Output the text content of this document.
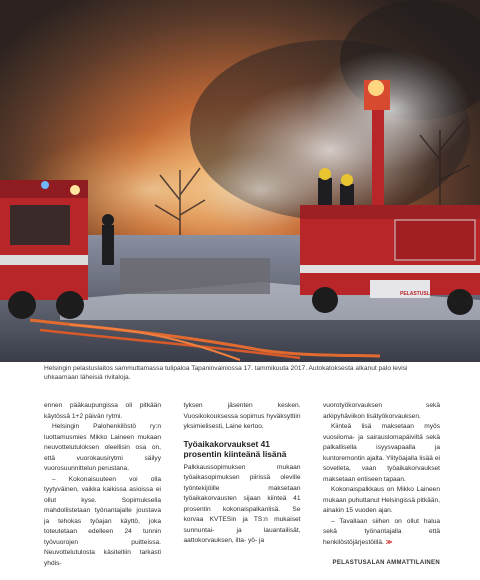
PELASTUSLAITOS
Helsingin pelastuslaitos sammuttamassa tulipaloa Tapaninvainiossa 17. tammikuuta 2017. Autokatoksesta alkanut palo levisi uhkaamaan läheisiä rivitaloja.

ennen pääkaupungissa oli pitkään käytössä 1+2 päivän rytmi.

Helsingin Palohenkilöstö ry:n luottamusmies Mikko Laineen mukaan neuvottelutuloksen oleellisin osa on, että vuorokausirytmi säilyy vuorosuunnittelun perustana.

– Kokonaisuuteen voi olla tyytyväinen, vaikka kaikissa asioissa ei ollut kyse. Sopimuksella mahdollistetaan työnantajalle joustava ja tehokas työajan käyttö, joka toteutetaan edelleen 24 tunnin työvuorojen puitteissa. Neuvottelutulosta käsiteltiin tarkasti yhdis-

tyksen jäsenten kesken. Vuosikokouksessa sopimus hyväksyttiin yksimielisesti, Laine kertoo.

Työaikakorvaukset 41 prosentin kiinteänä lisänä

Palkkaussopimuksen mukaan työaikasopimuksen piirissä oleville työntekijöille maksetaan työaikakorvausten sijaan kiinteä 41 prosentin kokonaispalkanlisä. Se korvaa KVTESin ja TS:n mukaiset sunnuntai- ja lauantailisät, aattokorvauksen, ilta- yö- ja

vuorotyökorvauksen sekä arkipyhäviikon lisätyökorvauksen.

Kiinteä lisä maksetaan myös vuosiloma- ja sairauslomapäiviltä sekä palkallisella isyysvapaalla ja kuntoremontin ajalta. Ylityöajalla lisää ei sovelleta, vaan työaikakorvaukset maksetaan entiseen tapaan.

Kokonaispalkkaus on Mikko Laineen mukaan puhuttanut Helsingissä pitkään, ainakin 15 vuoden ajan.

– Tavallaan siihen on ollut halua sekä työnantajalla että henkilöstöjärjestöillä. ≫

PELASTUSALAN AMMATTILAINEN
